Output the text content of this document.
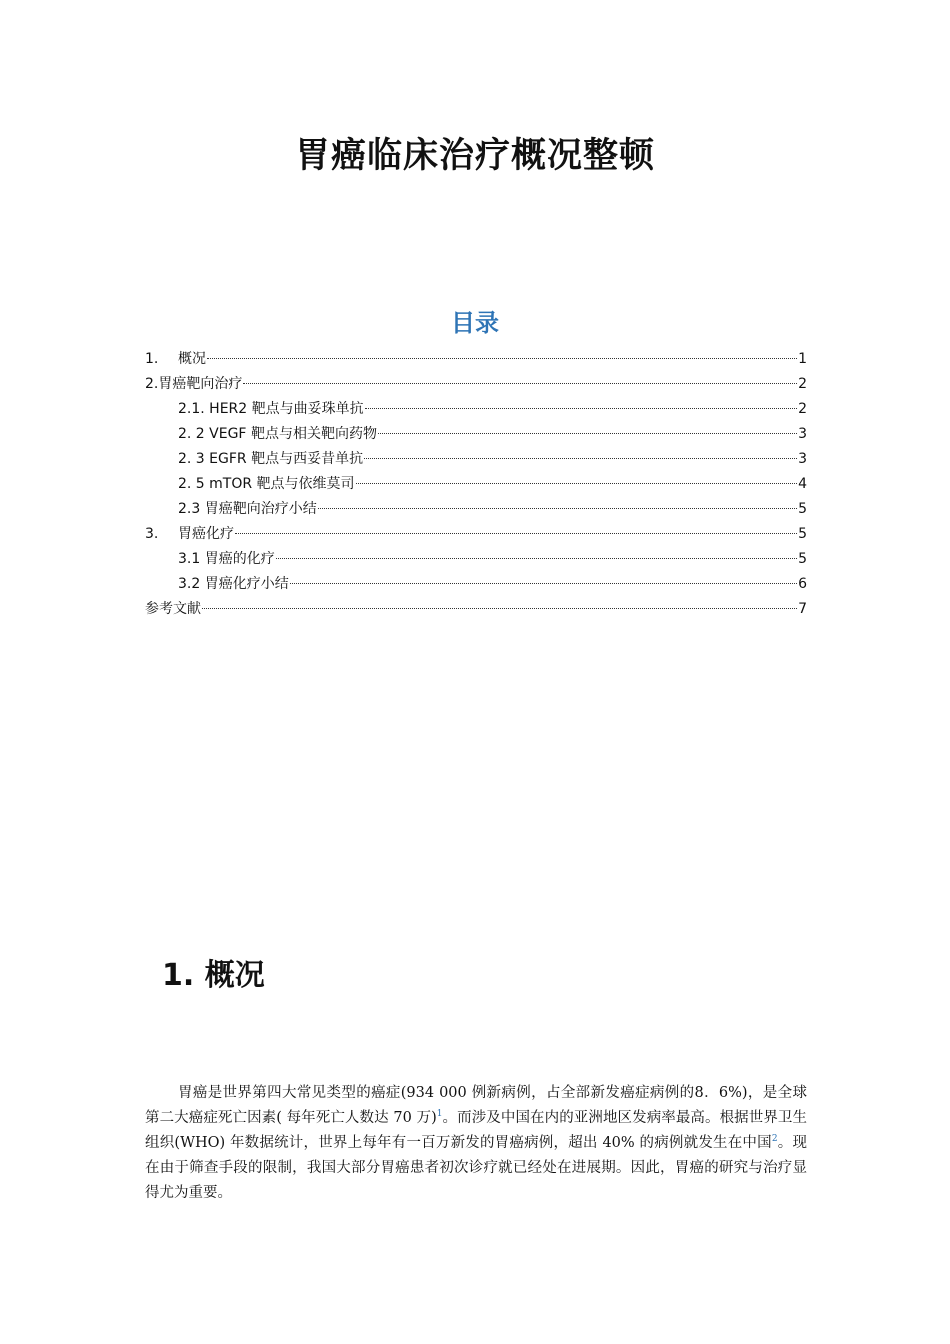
胃癌临床治疗概况整顿
目录
1.	概况	1
2.胃癌靶向治疗	2
2.1. HER2 靶点与曲妥珠单抗	2
2. 2 VEGF 靶点与相关靶向药物	3
2. 3 EGFR 靶点与西妥昔单抗	3
2. 5 mTOR 靶点与依维莫司	4
2.3 胃癌靶向治疗小结	5
3.	胃癌化疗	5
3.1 胃癌的化疗	5
3.2 胃癌化疗小结	6
参考文献	7
1. 概况

胃癌是世界第四大常见类型的癌症(934 000 例新病例，占全部新发癌症病例的8．6%)，是全球第二大癌症死亡因素( 每年死亡人数达 70 万)$^1$。而涉及中国在内的亚洲地区发病率最高。根据世界卫生组织(WHO) 年数据统计，世界上每年有一百万新发的胃癌病例，超出 40% 的病例就发生在中国$^2$。现在由于筛查手段的限制，我国大部分胃癌患者初次诊疗就已经处在进展期。因此，胃癌的研究与治疗显得尤为重要。
